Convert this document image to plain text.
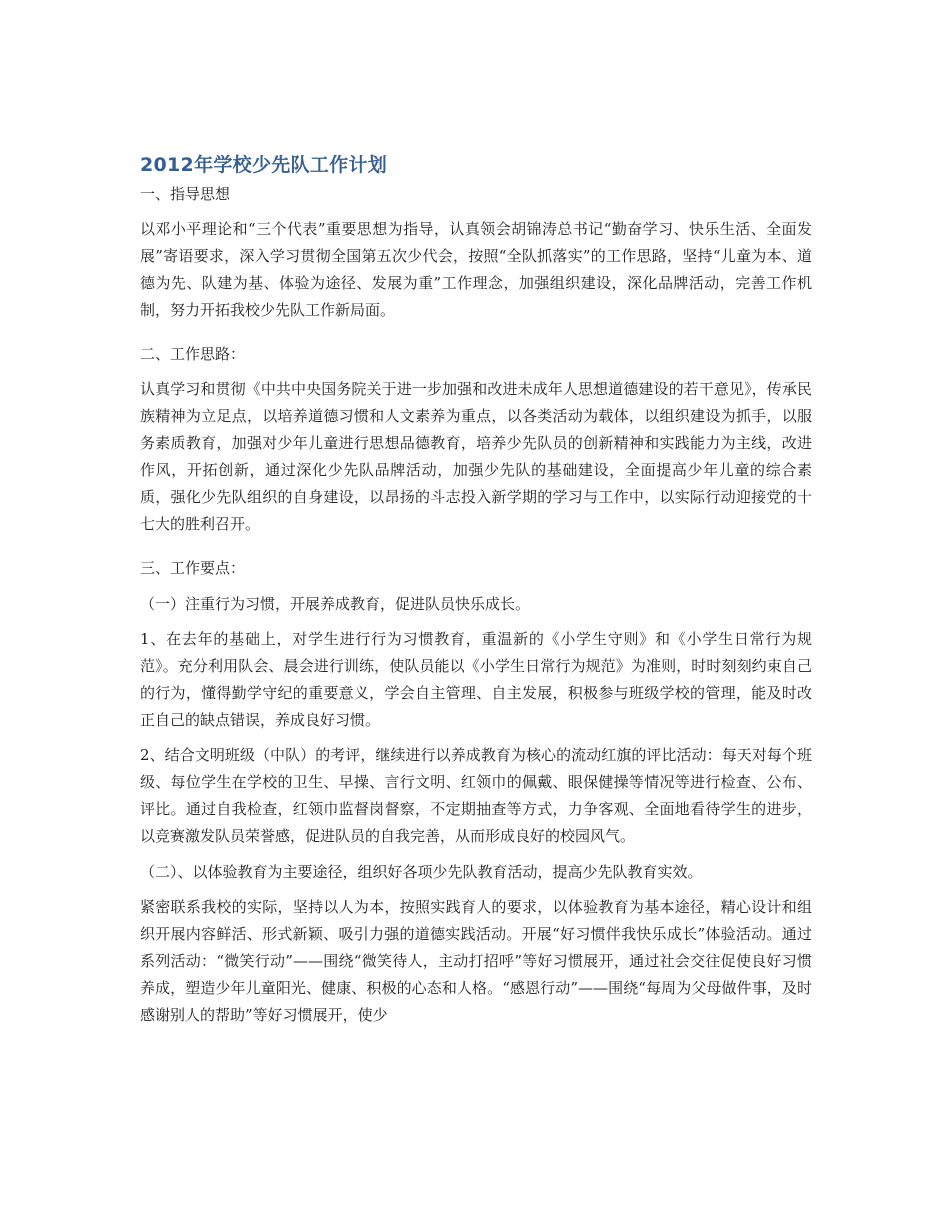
2012年学校少先队工作计划

一、指导思想

以邓小平理论和“三个代表”重要思想为指导，认真领会胡锦涛总书记“勤奋学习、快乐生活、全面发展”寄语要求，深入学习贯彻全国第五次少代会，按照“全队抓落实”的工作思路，坚持“儿童为本、道德为先、队建为基、体验为途径、发展为重”工作理念，加强组织建设，深化品牌活动，完善工作机制，努力开拓我校少先队工作新局面。

二、工作思路：

认真学习和贯彻《中共中央国务院关于进一步加强和改进未成年人思想道德建设的若干意见》，传承民族精神为立足点，以培养道德习惯和人文素养为重点，以各类活动为载体，以组织建设为抓手，以服务素质教育，加强对少年儿童进行思想品德教育，培养少先队员的创新精神和实践能力为主线，改进作风，开拓创新，通过深化少先队品牌活动，加强少先队的基础建设，全面提高少年儿童的综合素质，强化少先队组织的自身建设，以昂扬的斗志投入新学期的学习与工作中，以实际行动迎接党的十七大的胜利召开。

三、工作要点：

（一）注重行为习惯，开展养成教育，促进队员快乐成长。

1、在去年的基础上，对学生进行行为习惯教育，重温新的《小学生守则》和《小学生日常行为规范》。充分利用队会、晨会进行训练，使队员能以《小学生日常行为规范》为准则，时时刻刻约束自己的行为，懂得勤学守纪的重要意义，学会自主管理、自主发展，积极参与班级学校的管理，能及时改正自己的缺点错误，养成良好习惯。

2、结合文明班级（中队）的考评，继续进行以养成教育为核心的流动红旗的评比活动：每天对每个班级、每位学生在学校的卫生、早操、言行文明、红领巾的佩戴、眼保健操等情况等进行检查、公布、评比。通过自我检查，红领巾监督岗督察，不定期抽查等方式，力争客观、全面地看待学生的进步，以竞赛激发队员荣誉感，促进队员的自我完善，从而形成良好的校园风气。

（二）、以体验教育为主要途径，组织好各项少先队教育活动，提高少先队教育实效。

紧密联系我校的实际，坚持以人为本，按照实践育人的要求，以体验教育为基本途径，精心设计和组织开展内容鲜活、形式新颖、吸引力强的道德实践活动。开展“好习惯伴我快乐成长”体验活动。通过系列活动：“微笑行动”——围绕“微笑待人，主动打招呼”等好习惯展开，通过社会交往促使良好习惯养成，塑造少年儿童阳光、健康、积极的心态和人格。“感恩行动”——围绕“每周为父母做件事，及时感谢别人的帮助”等好习惯展开，使少
